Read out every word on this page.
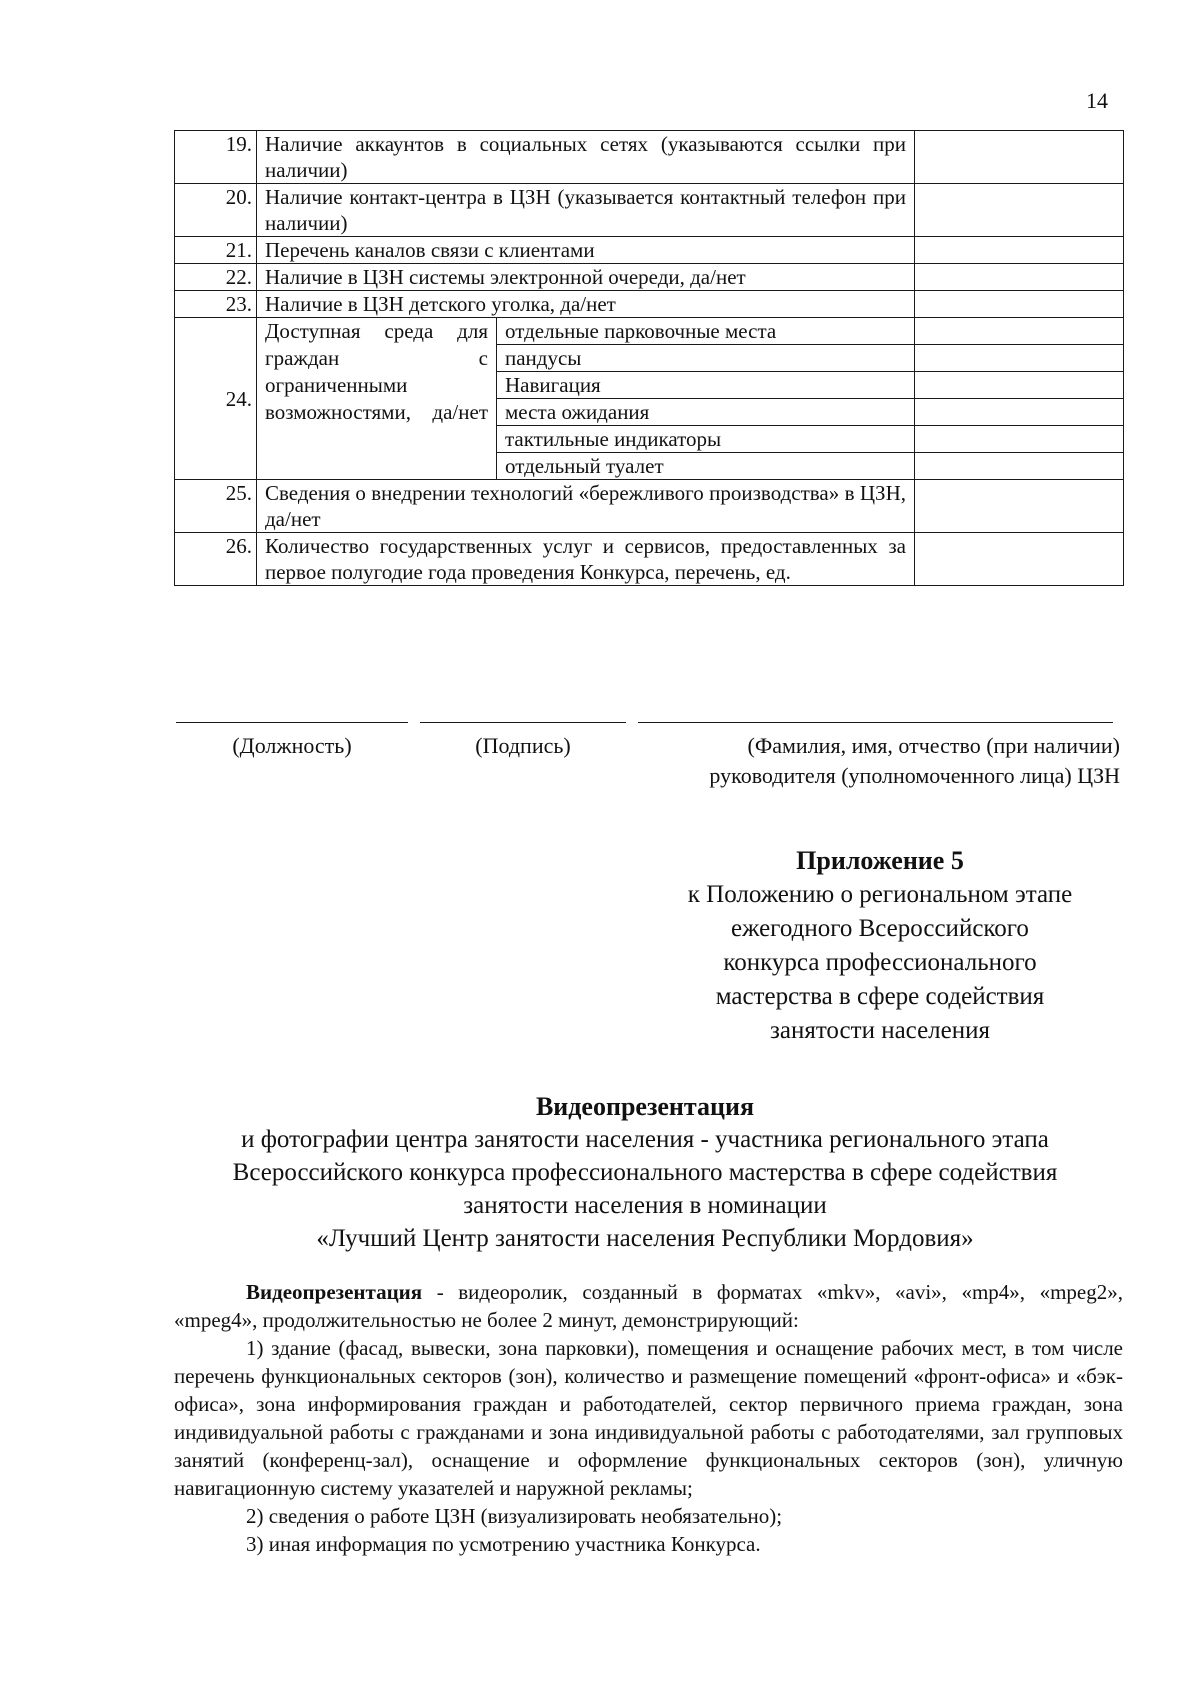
14
19.	Наличие аккаунтов в социальных сетях (указываются ссылки при наличии)		
20.	Наличие контакт-центра в ЦЗН (указывается контактный телефон при наличии)		
21.	Перечень каналов связи с клиентами		
22.	Наличие в ЦЗН системы электронной очереди, да/нет		
23.	Наличие в ЦЗН детского уголка, да/нет		
24.	Доступная среда для граждан с ограниченными возможностями, да/нет	отдельные парковочные места	
		пандусы	
		Навигация	
		места ожидания	
		тактильные индикаторы	
		отдельный туалет	
25.	Сведения о внедрении технологий «бережливого производства» в ЦЗН, да/нет		
26.	Количество государственных услуг и сервисов, предоставленных за первое полугодие года проведения Конкурса, перечень, ед.		
(Должность)	(Подпись)	(Фамилия, имя, отчество (при наличии)
руководителя (уполномоченного лица) ЦЗН
Приложение 5
к Положению о региональном этапе
ежегодного Всероссийского
конкурса профессионального
мастерства в сфере содействия
занятости населения
Видеопрезентация
и фотографии центра занятости населения - участника регионального этапа
Всероссийского конкурса профессионального мастерства в сфере содействия
занятости населения в номинации
«Лучший Центр занятости населения Республики Мордовия»

Видеопрезентация - видеоролик, созданный в форматах «mkv», «avi», «mp4», «mpeg2», «mpeg4», продолжительностью не более 2 минут, демонстрирующий:

1) здание (фасад, вывески, зона парковки), помещения и оснащение рабочих мест, в том числе перечень функциональных секторов (зон), количество и размещение помещений «фронт-офиса» и «бэк-офиса», зона информирования граждан и работодателей, сектор первичного приема граждан, зона индивидуальной работы с гражданами и зона индивидуальной работы с работодателями, зал групповых занятий (конференц-зал), оснащение и оформление функциональных секторов (зон), уличную навигационную систему указателей и наружной рекламы;

2) сведения о работе ЦЗН (визуализировать необязательно);

3) иная информация по усмотрению участника Конкурса.
